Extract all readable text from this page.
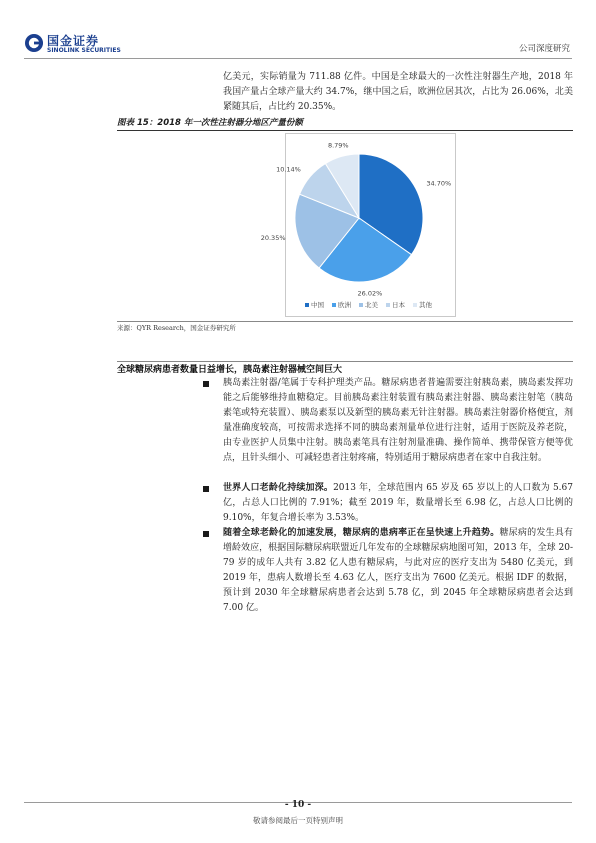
国金证券
SINOLINK SECURITIES	公司深度研究

亿美元，实际销量为 711.88 亿件。中国是全球最大的一次性注射器生产地，2018 年我国产量占全球产量大约 34.7%，继中国之后，欧洲位居其次，占比为 26.06%，北美紧随其后，占比约 20.35%。

图表 15：2018 年一次性注射器分地区产量份额
34.70%
26.02%
20.35%
10.14%
8.79%
中国 欧洲 北美 日本 其他
来源：QYR Research，国金证券研究所
全球糖尿病患者数量日益增长，胰岛素注射器械空间巨大

胰岛素注射器/笔属于专科护理类产品。糖尿病患者普遍需要注射胰岛素，胰岛素发挥功能之后能够维持血糖稳定。目前胰岛素注射装置有胰岛素注射器、胰岛素注射笔（胰岛素笔或特充装置）、胰岛素泵以及新型的胰岛素无针注射器。胰岛素注射器价格便宜，剂量准确度较高，可按需求选择不同的胰岛素剂量单位进行注射，适用于医院及养老院，由专业医护人员集中注射。胰岛素笔具有注射剂量准确、操作简单、携带保管方便等优点，且针头细小、可减轻患者注射疼痛，特别适用于糖尿病患者在家中自我注射。

世界人口老龄化持续加深。2013 年，全球范围内 65 岁及 65 岁以上的人口数为 5.67 亿，占总人口比例的 7.91%；截至 2019 年，数量增长至 6.98 亿，占总人口比例的 9.10%，年复合增长率为 3.53%。

随着全球老龄化的加速发展，糖尿病的患病率正在呈快速上升趋势。糖尿病的发生具有增龄效应，根据国际糖尿病联盟近几年发布的全球糖尿病地图可知，2013 年，全球 20-79 岁的成年人共有 3.82 亿人患有糖尿病，与此对应的医疗支出为 5480 亿美元，到 2019 年，患病人数增长至 4.63 亿人，医疗支出为 7600 亿美元。根据 IDF 的数据，预计到 2030 年全球糖尿病患者会达到 5.78 亿，到 2045 年全球糖尿病患者会达到 7.00 亿。

- 10 -
敬请参阅最后一页特别声明
